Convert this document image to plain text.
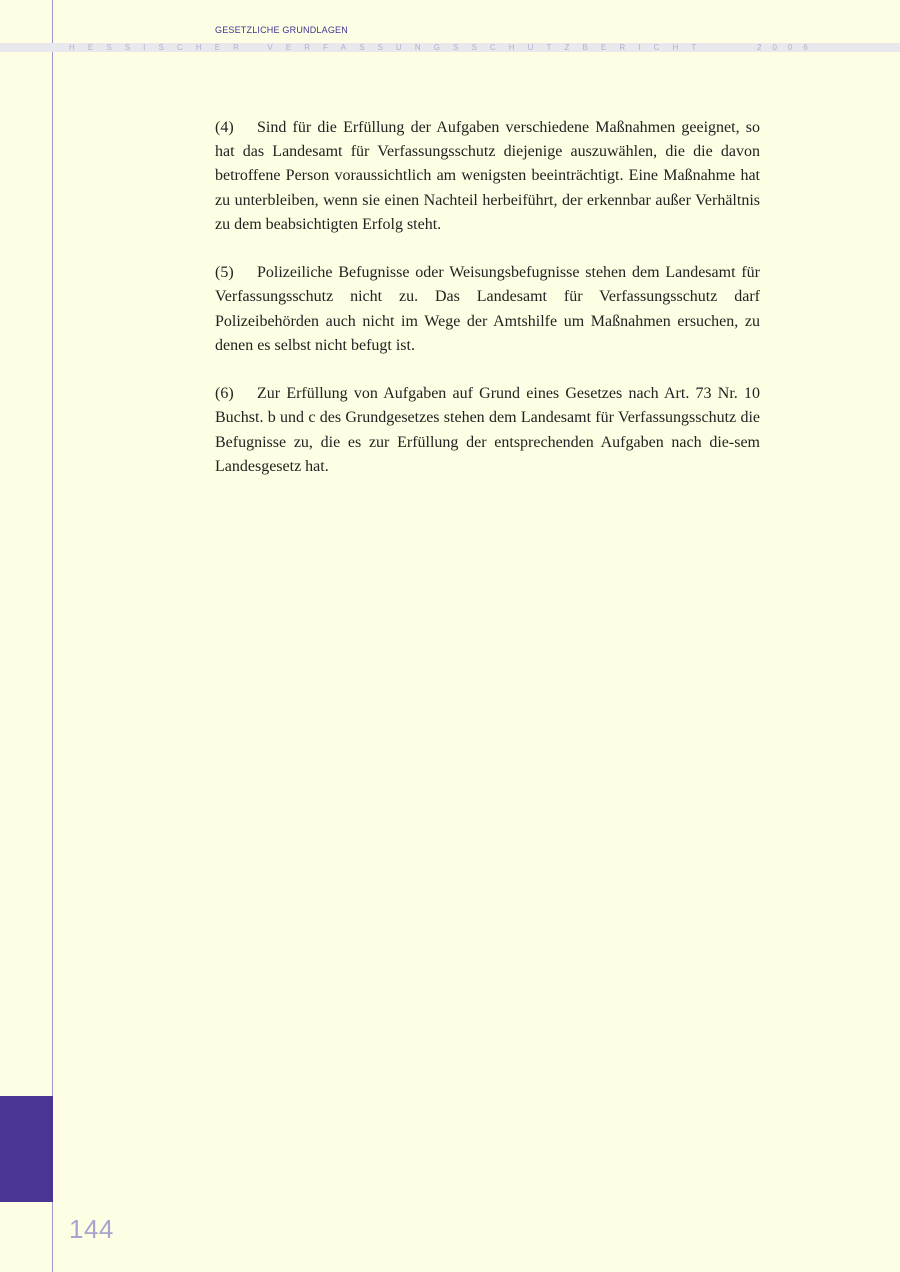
GESETZLICHE GRUNDLAGEN
HESSISCHER VERFASSUNGSSCHUTZBERICHT	2006

(4) Sind für die Erfüllung der Aufgaben verschiedene Maßnahmen geeignet, so hat das Landesamt für Verfassungsschutz diejenige auszuwählen, die die davon betroffene Person voraussichtlich am wenigsten beeinträchtigt. Eine Maßnahme hat zu unterbleiben, wenn sie einen Nachteil herbeiführt, der erkennbar außer Verhältnis zu dem beabsichtigten Erfolg steht.

(5) Polizeiliche Befugnisse oder Weisungsbefugnisse stehen dem Landesamt für Verfassungsschutz nicht zu. Das Landesamt für Verfassungsschutz darf Polizeibehörden auch nicht im Wege der Amtshilfe um Maßnahmen ersuchen, zu denen es selbst nicht befugt ist.

(6) Zur Erfüllung von Aufgaben auf Grund eines Gesetzes nach Art. 73 Nr. 10 Buchst. b und c des Grundgesetzes stehen dem Landesamt für Verfassungsschutz die Befugnisse zu, die es zur Erfüllung der entsprechenden Aufgaben nach die-sem Landesgesetz hat.

144
